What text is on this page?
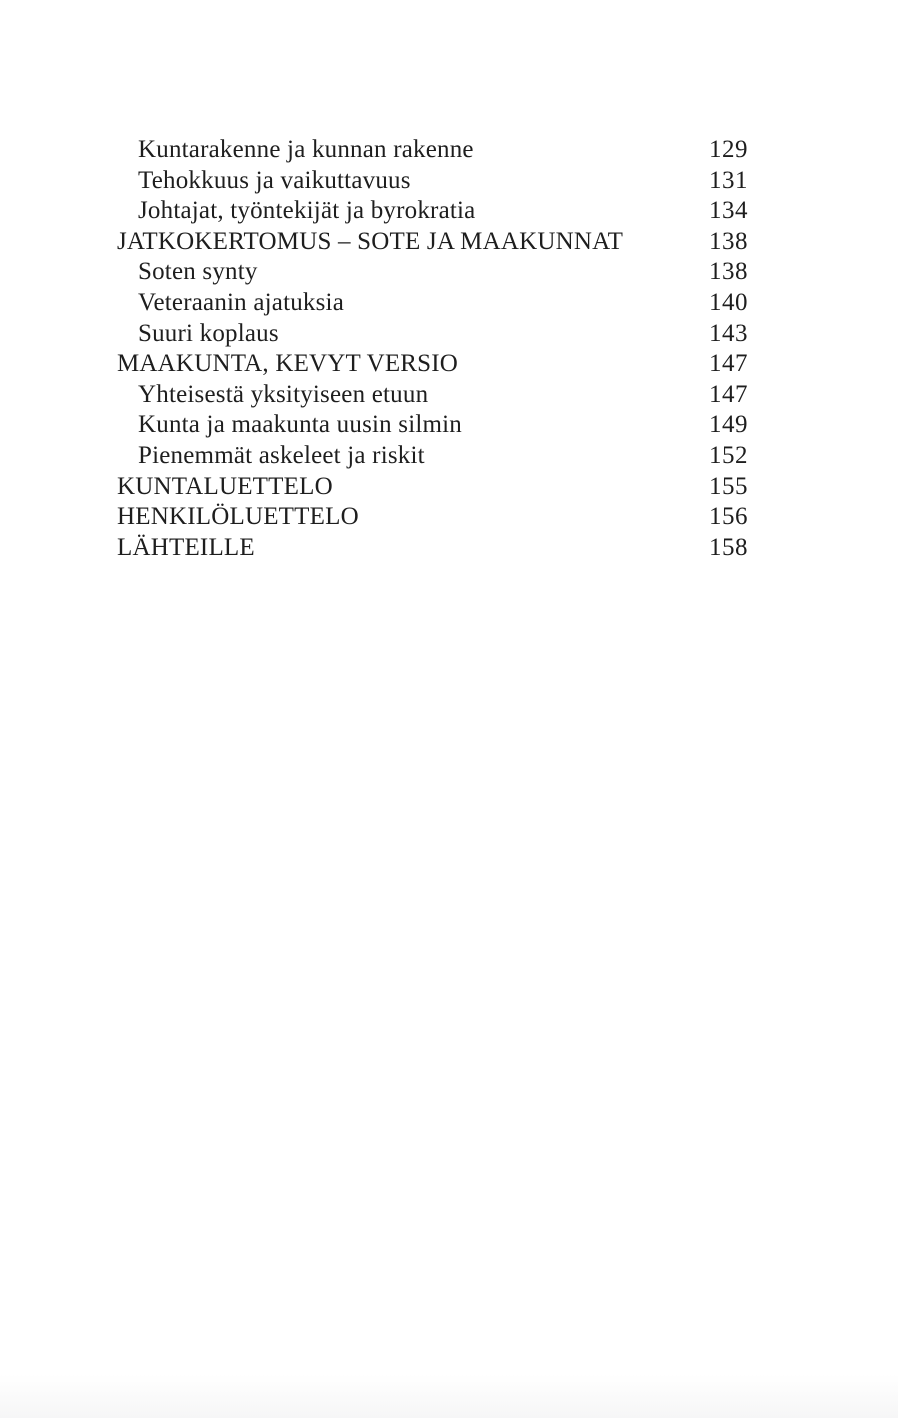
Kuntarakenne ja kunnan rakenne	129
Tehokkuus ja vaikuttavuus	131
Johtajat, työntekijät ja byrokratia	134
JATKOKERTOMUS – SOTE JA MAAKUNNAT	138
Soten synty	138
Veteraanin ajatuksia	140
Suuri koplaus	143
MAAKUNTA, KEVYT VERSIO	147
Yhteisestä yksityiseen etuun	147
Kunta ja maakunta uusin silmin	149
Pienemmät askeleet ja riskit	152
KUNTALUETTELO	155
HENKILÖLUETTELO	156
LÄHTEILLE	158
